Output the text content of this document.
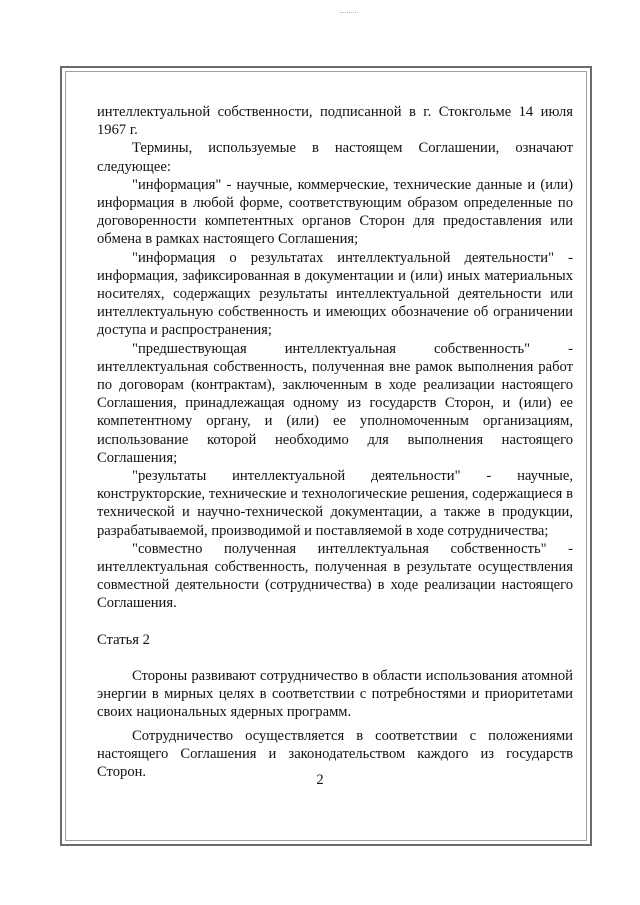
интеллектуальной собственности, подписанной в г. Стокгольме 14 июля 1967 г.

Термины, используемые в настоящем Соглашении, означают следующее:

"информация" - научные, коммерческие, технические данные и (или) информация в любой форме, соответствующим образом определенные по договоренности компетентных органов Сторон для предоставления или обмена в рамках настоящего Соглашения;

"информация о результатах интеллектуальной деятельности" - информация, зафиксированная в документации и (или) иных материальных носителях, содержащих результаты интеллектуальной деятельности или интеллектуальную собственность и имеющих обозначение об ограничении доступа и распространения;

"предшествующая интеллектуальная собственность" - интеллектуальная собственность, полученная вне рамок выполнения работ по договорам (контрактам), заключенным в ходе реализации настоящего Соглашения, принадлежащая одному из государств Сторон, и (или) ее компетентному органу, и (или) ее уполномоченным организациям, использование которой необходимо для выполнения настоящего Соглашения;

"результаты интеллектуальной деятельности" - научные, конструкторские, технические и технологические решения, содержащиеся в технической и научно-технической документации, а также в продукции, разрабатываемой, производимой и поставляемой в ходе сотрудничества;

"совместно полученная интеллектуальная собственность" - интеллектуальная собственность, полученная в результате осуществления совместной деятельности (сотрудничества) в ходе реализации настоящего Соглашения.

Статья 2

Стороны развивают сотрудничество в области использования атомной энергии в мирных целях в соответствии с потребностями и приоритетами своих национальных ядерных программ.

Сотрудничество осуществляется в соответствии с положениями настоящего Соглашения и законодательством каждого из государств Сторон.

2
